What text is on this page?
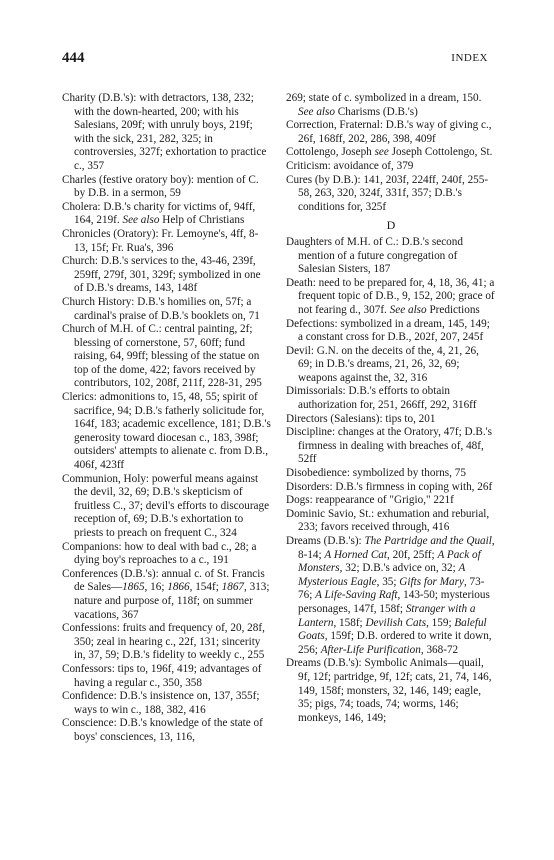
444	INDEX

Charity (D.B.'s): with detractors, 138, 232; with the down-hearted, 200; with his Salesians, 209f; with unruly boys, 219f; with the sick, 231, 282, 325; in controversies, 327f; exhortation to practice c., 357

Charles (festive oratory boy): mention of C. by D.B. in a sermon, 59

Cholera: D.B.'s charity for victims of, 94ff, 164, 219f. See also Help of Christians

Chronicles (Oratory): Fr. Lemoyne's, 4ff, 8-13, 15f; Fr. Rua's, 396

Church: D.B.'s services to the, 43-46, 239f, 259ff, 279f, 301, 329f; symbolized in one of D.B.'s dreams, 143, 148f

Church History: D.B.'s homilies on, 57f; a cardinal's praise of D.B.'s booklets on, 71

Church of M.H. of C.: central painting, 2f; blessing of cornerstone, 57, 60ff; fund raising, 64, 99ff; blessing of the statue on top of the dome, 422; favors received by contributors, 102, 208f, 211f, 228-31, 295

Clerics: admonitions to, 15, 48, 55; spirit of sacrifice, 94; D.B.'s fatherly solicitude for, 164f, 183; academic excellence, 181; D.B.'s generosity toward diocesan c., 183, 398f; outsiders' attempts to alienate c. from D.B., 406f, 423ff

Communion, Holy: powerful means against the devil, 32, 69; D.B.'s skepticism of fruitless C., 37; devil's efforts to discourage reception of, 69; D.B.'s exhortation to priests to preach on frequent C., 324

Companions: how to deal with bad c., 28; a dying boy's reproaches to a c., 191

Conferences (D.B.'s): annual c. of St. Francis de Sales—1865, 16; 1866, 154f; 1867, 313; nature and purpose of, 118f; on summer vacations, 367

Confessions: fruits and frequency of, 20, 28f, 350; zeal in hearing c., 22f, 131; sincerity in, 37, 59; D.B.'s fidelity to weekly c., 255

Confessors: tips to, 196f, 419; advantages of having a regular c., 350, 358

Confidence: D.B.'s insistence on, 137, 355f; ways to win c., 188, 382, 416

Conscience: D.B.'s knowledge of the state of boys' consciences, 13, 116,

269; state of c. symbolized in a dream, 150. See also Charisms (D.B.'s)

Correction, Fraternal: D.B.'s way of giving c., 26f, 168ff, 202, 286, 398, 409f

Cottolengo, Joseph see Joseph Cottolengo, St.

Criticism: avoidance of, 379

Cures (by D.B.): 141, 203f, 224ff, 240f, 255-58, 263, 320, 324f, 331f, 357; D.B.'s conditions for, 325f

D

Daughters of M.H. of C.: D.B.'s second mention of a future congregation of Salesian Sisters, 187

Death: need to be prepared for, 4, 18, 36, 41; a frequent topic of D.B., 9, 152, 200; grace of not fearing d., 307f. See also Predictions

Defections: symbolized in a dream, 145, 149; a constant cross for D.B., 202f, 207, 245f

Devil: G.N. on the deceits of the, 4, 21, 26, 69; in D.B.'s dreams, 21, 26, 32, 69; weapons against the, 32, 316

Dimissorials: D.B.'s efforts to obtain authorization for, 251, 266ff, 292, 316ff

Directors (Salesians): tips to, 201

Discipline: changes at the Oratory, 47f; D.B.'s firmness in dealing with breaches of, 48f, 52ff

Disobedience: symbolized by thorns, 75

Disorders: D.B.'s firmness in coping with, 26f

Dogs: reappearance of "Grigio," 221f

Dominic Savio, St.: exhumation and reburial, 233; favors received through, 416

Dreams (D.B.'s): The Partridge and the Quail, 8-14; A Horned Cat, 20f, 25ff; A Pack of Monsters, 32; D.B.'s advice on, 32; A Mysterious Eagle, 35; Gifts for Mary, 73-76; A Life-Saving Raft, 143-50; mysterious personages, 147f, 158f; Stranger with a Lantern, 158f; Devilish Cats, 159; Baleful Goats, 159f; D.B. ordered to write it down, 256; After-Life Purification, 368-72

Dreams (D.B.'s): Symbolic Animals—quail, 9f, 12f; partridge, 9f, 12f; cats, 21, 74, 146, 149, 158f; monsters, 32, 146, 149; eagle, 35; pigs, 74; toads, 74; worms, 146; monkeys, 146, 149;
